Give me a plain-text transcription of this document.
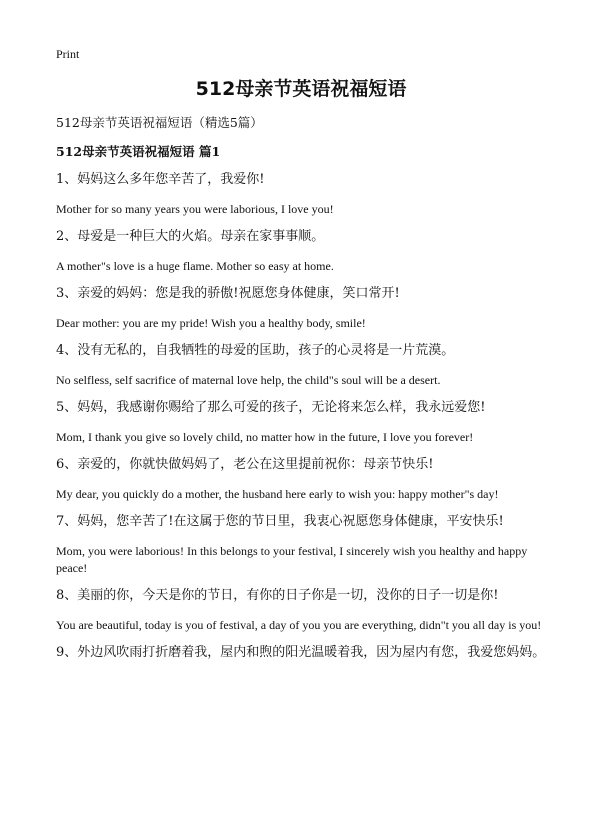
Print
512母亲节英语祝福短语
512母亲节英语祝福短语（精选5篇）
512母亲节英语祝福短语 篇1

1、妈妈这么多年您辛苦了，我爱你!

Mother for so many years you were laborious, I love you!

2、母爱是一种巨大的火焰。母亲在家事事顺。

A mother"s love is a huge flame. Mother so easy at home.

3、亲爱的妈妈：您是我的骄傲!祝愿您身体健康，笑口常开!

Dear mother: you are my pride! Wish you a healthy body, smile!

4、没有无私的，自我牺牲的母爱的匡助，孩子的心灵将是一片荒漠。

No selfless, self sacrifice of maternal love help, the child"s soul will be a desert.

5、妈妈，我感谢你赐给了那么可爱的孩子，无论将来怎么样，我永远爱您!

Mom, I thank you give so lovely child, no matter how in the future, I love you forever!

6、亲爱的，你就快做妈妈了，老公在这里提前祝你：母亲节快乐!

My dear, you quickly do a mother, the husband here early to wish you: happy mother"s day!

7、妈妈，您辛苦了!在这属于您的节日里，我衷心祝愿您身体健康，平安快乐!

Mom, you were laborious! In this belongs to your festival, I sincerely wish you healthy and happy peace!

8、美丽的你，今天是你的节日，有你的日子你是一切，没你的日子一切是你!

You are beautiful, today is you of festival, a day of you you are everything, didn"t you all day is you!

9、外边风吹雨打折磨着我，屋内和煦的阳光温暖着我，因为屋内有您，我爱您妈妈。
